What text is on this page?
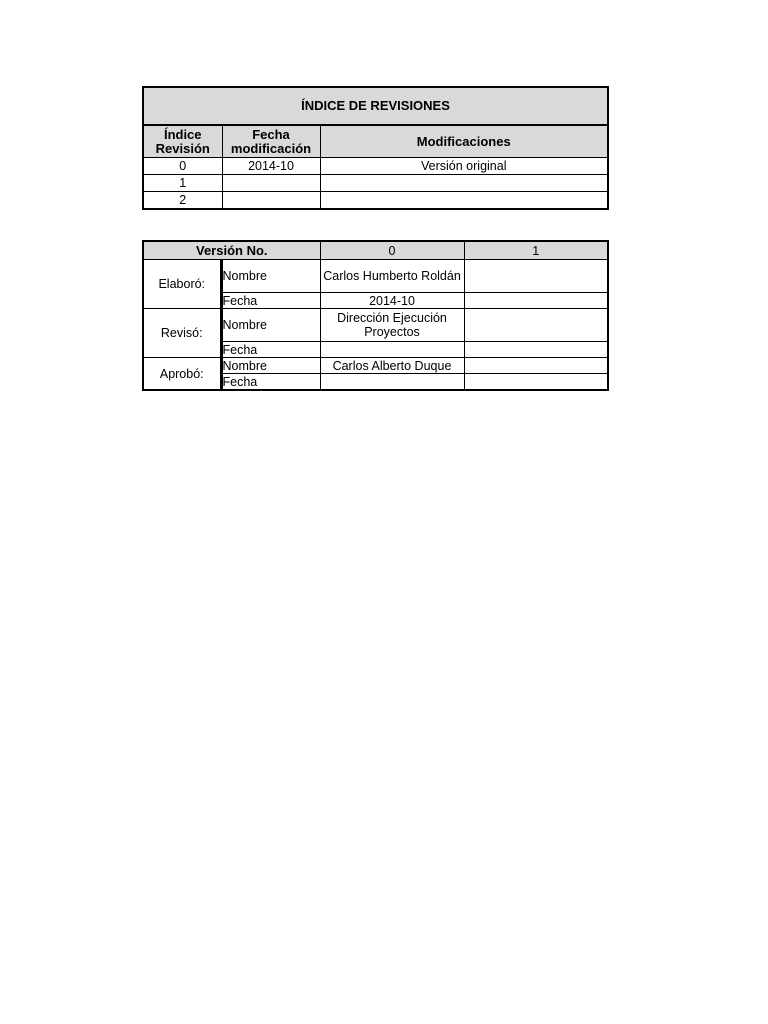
ÍNDICE DE REVISIONES		
Índice Revisión	Fecha modificación	Modificaciones
0	2014-10	Versión original
1		
2		
Versión No.		0	1
Elaboró:	Nombre	Carlos Humberto Roldán	
	Fecha	2014-10	
Revisó:	Nombre	Dirección Ejecución Proyectos	
	Fecha		
Aprobó:	Nombre	Carlos Alberto Duque	
	Fecha		
